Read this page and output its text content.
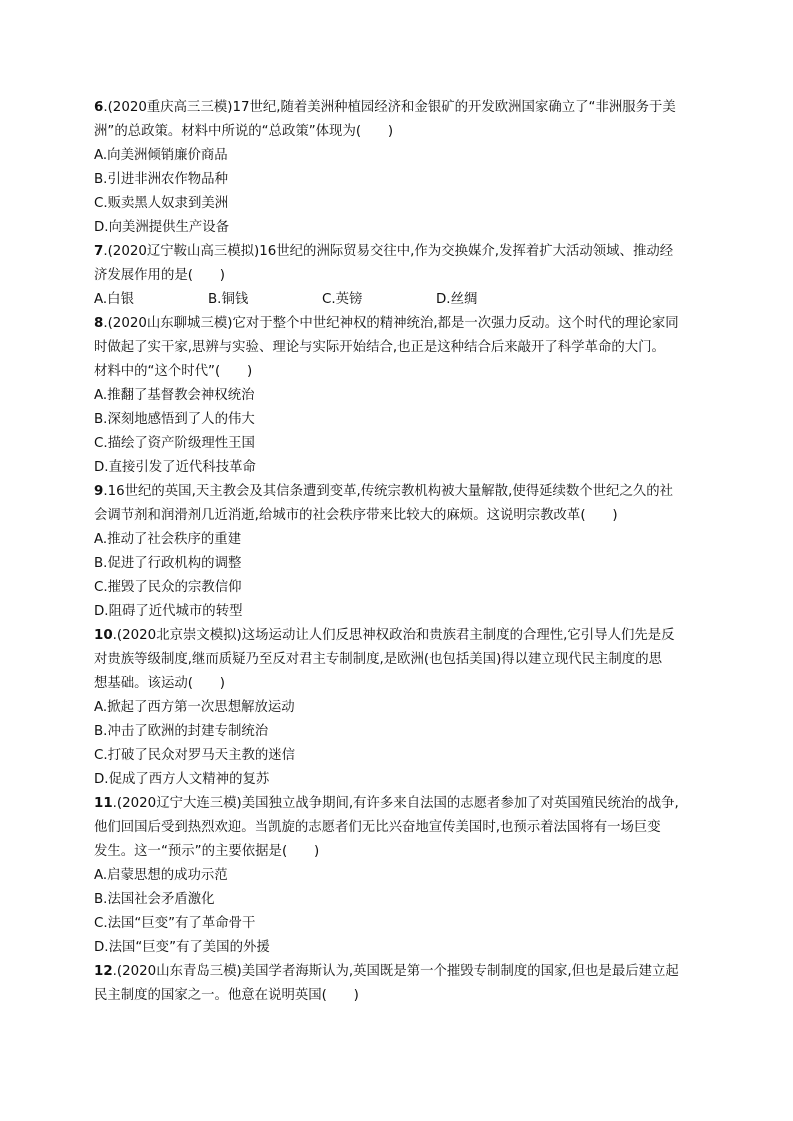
6.(2020重庆高三三模)17世纪,随着美洲种植园经济和金银矿的开发欧洲国家确立了“非洲服务于美
洲”的总政策。材料中所说的“总政策”体现为(　　)
A.向美洲倾销廉价商品
B.引进非洲农作物品种
C.贩卖黑人奴隶到美洲
D.向美洲提供生产设备
7.(2020辽宁鞍山高三模拟)16世纪的洲际贸易交往中,作为交换媒介,发挥着扩大活动领域、推动经
济发展作用的是(　　)
A.白银	B.铜钱	C.英镑	D.丝绸
8.(2020山东聊城三模)它对于整个中世纪神权的精神统治,都是一次强力反动。这个时代的理论家同
时做起了实干家,思辨与实验、理论与实际开始结合,也正是这种结合后来敲开了科学革命的大门。
材料中的“这个时代”(　　)
A.推翻了基督教会神权统治
B.深刻地感悟到了人的伟大
C.描绘了资产阶级理性王国
D.直接引发了近代科技革命
9.16世纪的英国,天主教会及其信条遭到变革,传统宗教机构被大量解散,使得延续数个世纪之久的社
会调节剂和润滑剂几近消逝,给城市的社会秩序带来比较大的麻烦。这说明宗教改革(　　)
A.推动了社会秩序的重建
B.促进了行政机构的调整
C.摧毁了民众的宗教信仰
D.阻碍了近代城市的转型
10.(2020北京崇文模拟)这场运动让人们反思神权政治和贵族君主制度的合理性,它引导人们先是反
对贵族等级制度,继而质疑乃至反对君主专制制度,是欧洲(也包括美国)得以建立现代民主制度的思
想基础。该运动(　　)
A.掀起了西方第一次思想解放运动
B.冲击了欧洲的封建专制统治
C.打破了民众对罗马天主教的迷信
D.促成了西方人文精神的复苏
11.(2020辽宁大连三模)美国独立战争期间,有许多来自法国的志愿者参加了对英国殖民统治的战争,
他们回国后受到热烈欢迎。当凯旋的志愿者们无比兴奋地宣传美国时,也预示着法国将有一场巨变
发生。这一“预示”的主要依据是(　　)
A.启蒙思想的成功示范
B.法国社会矛盾激化
C.法国“巨变”有了革命骨干
D.法国“巨变”有了美国的外援
12.(2020山东青岛三模)美国学者海斯认为,英国既是第一个摧毁专制制度的国家,但也是最后建立起
民主制度的国家之一。他意在说明英国(　　)
